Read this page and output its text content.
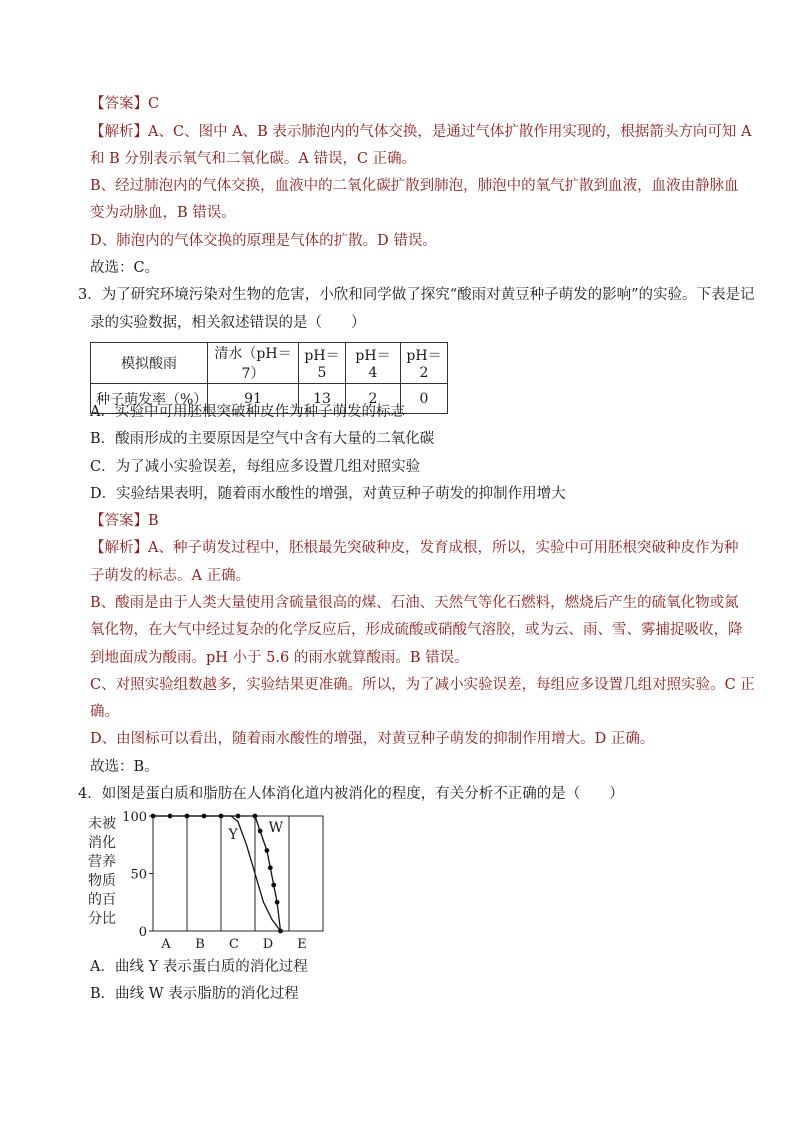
【答案】C
【解析】A、C、图中 A、B 表示肺泡内的气体交换，是通过气体扩散作用实现的，根据箭头方向可知 A
和 B 分别表示氧气和二氧化碳。A 错误，C 正确。
B、经过肺泡内的气体交换，血液中的二氧化碳扩散到肺泡，肺泡中的氧气扩散到血液，血液由静脉血
变为动脉血，B 错误。
D、肺泡内的气体交换的原理是气体的扩散。D 错误。
故选：C。
3．为了研究环境污染对生物的危害，小欣和同学做了探究“酸雨对黄豆种子萌发的影响”的实验。下表是记
录的实验数据，相关叙述错误的是（　　）
模拟酸雨	清水（pH＝7）	pH＝5	pH＝4	pH＝2
种子萌发率（%）	91	13	2	0
A．实验中可用胚根突破种皮作为种子萌发的标志
B．酸雨形成的主要原因是空气中含有大量的二氧化碳
C．为了减小实验误差，每组应多设置几组对照实验
D．实验结果表明，随着雨水酸性的增强，对黄豆种子萌发的抑制作用增大
【答案】B
【解析】A、种子萌发过程中，胚根最先突破种皮，发育成根，所以，实验中可用胚根突破种皮作为种
子萌发的标志。A 正确。
B、酸雨是由于人类大量使用含硫量很高的煤、石油、天然气等化石燃料，燃烧后产生的硫氧化物或氮
氧化物，在大气中经过复杂的化学反应后，形成硫酸或硝酸气溶胶，或为云、雨、雪、雾捕捉吸收，降
到地面成为酸雨。pH 小于 5.6 的雨水就算酸雨。B 错误。
C、对照实验组数越多，实验结果更准确。所以，为了减小实验误差，每组应多设置几组对照实验。C 正
确。
D、由图标可以看出，随着雨水酸性的增强，对黄豆种子萌发的抑制作用增大。D 正确。
故选：B。
4．如图是蛋白质和脂肪在人体消化道内被消化的程度，有关分析不正确的是（　　）
未被
消化
营养
物质
的百
分比
0
50
100
A B C D E
Y W
A．曲线 Y 表示蛋白质的消化过程
B．曲线 W 表示脂肪的消化过程
